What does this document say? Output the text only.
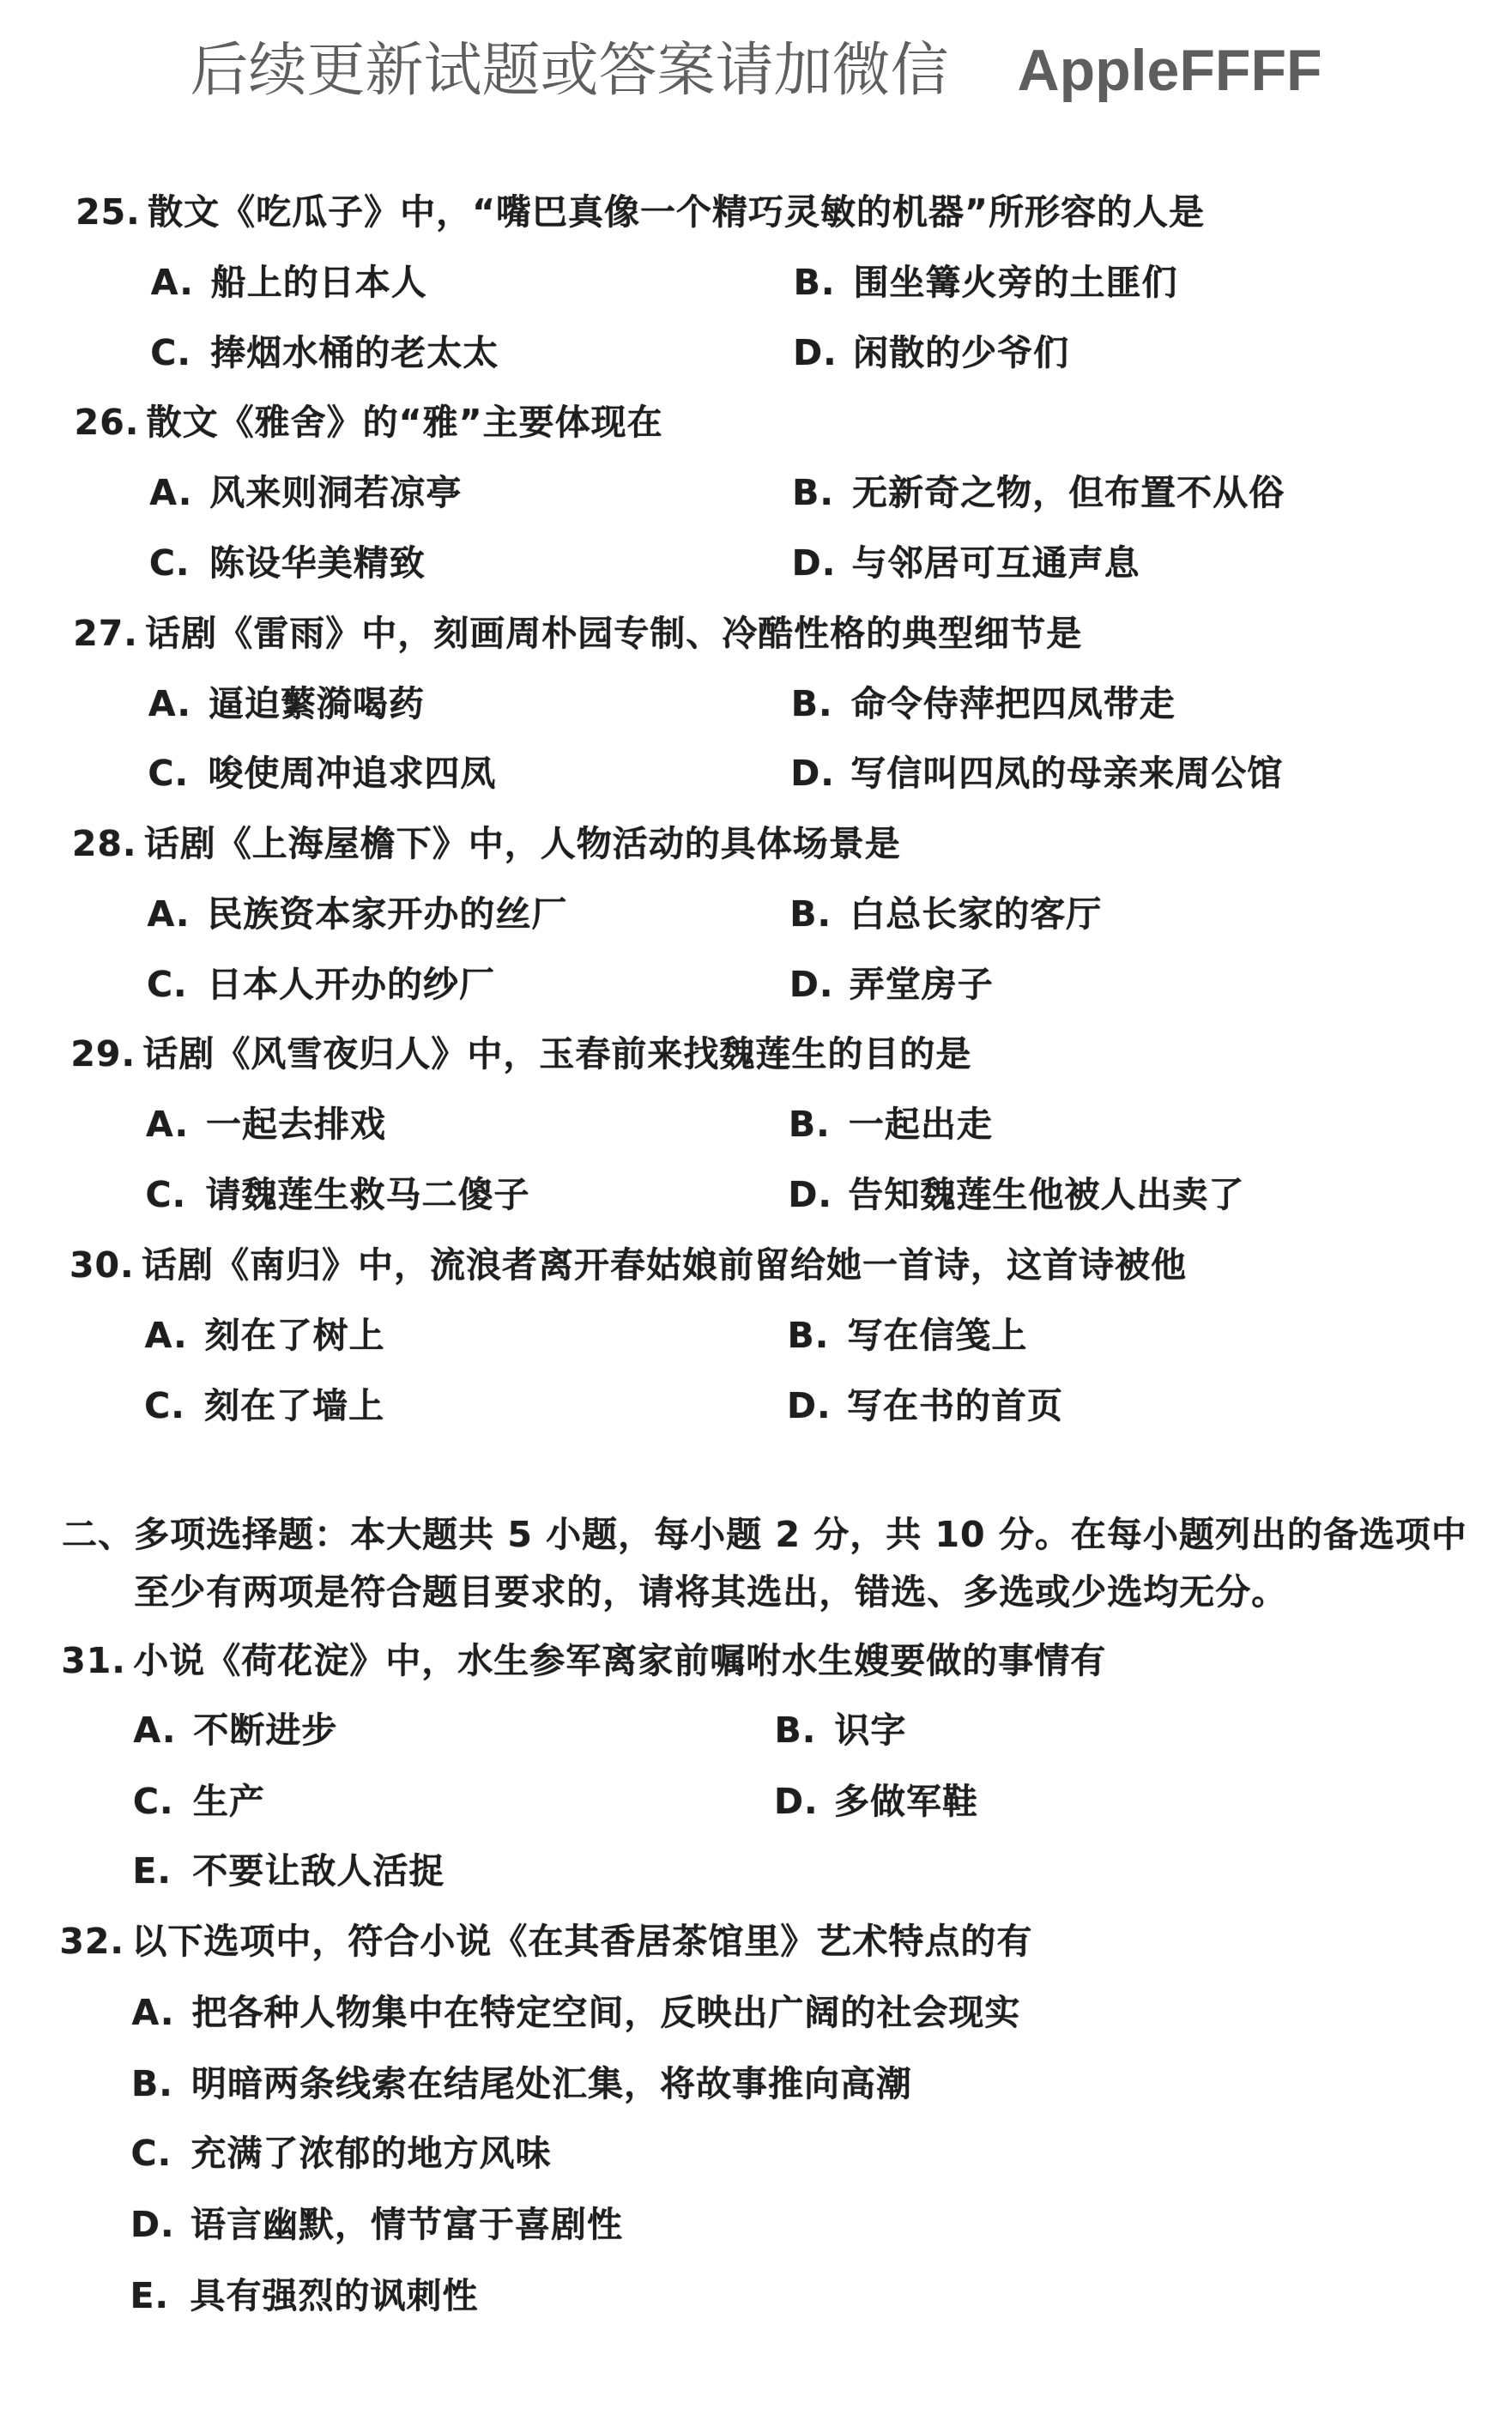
后续更新试题或答案请加微信 AppleFFFF
25. 散文《吃瓜子》中，“嘴巴真像一个精巧灵敏的机器”所形容的人是
A. 船上的日本人	B. 围坐篝火旁的土匪们
C. 捧烟水桶的老太太	D. 闲散的少爷们
26. 散文《雅舍》的“雅”主要体现在
A. 风来则洞若凉亭	B. 无新奇之物，但布置不从俗
C. 陈设华美精致	D. 与邻居可互通声息
27. 话剧《雷雨》中，刻画周朴园专制、冷酷性格的典型细节是
A. 逼迫蘩漪喝药	B. 命令侍萍把四凤带走
C. 唆使周冲追求四凤	D. 写信叫四凤的母亲来周公馆
28. 话剧《上海屋檐下》中，人物活动的具体场景是
A. 民族资本家开办的丝厂	B. 白总长家的客厅
C. 日本人开办的纱厂	D. 弄堂房子
29. 话剧《风雪夜归人》中，玉春前来找魏莲生的目的是
A. 一起去排戏	B. 一起出走
C. 请魏莲生救马二傻子	D. 告知魏莲生他被人出卖了
30. 话剧《南归》中，流浪者离开春姑娘前留给她一首诗，这首诗被他
A. 刻在了树上	B. 写在信笺上
C. 刻在了墙上	D. 写在书的首页
二、多项选择题：本大题共 5 小题，每小题 2 分，共 10 分。在每小题列出的备选项中
至少有两项是符合题目要求的，请将其选出，错选、多选或少选均无分。
31. 小说《荷花淀》中，水生参军离家前嘱咐水生嫂要做的事情有
A. 不断进步	B. 识字
C. 生产	D. 多做军鞋
E. 不要让敌人活捉
32. 以下选项中，符合小说《在其香居茶馆里》艺术特点的有
A. 把各种人物集中在特定空间，反映出广阔的社会现实
B. 明暗两条线索在结尾处汇集，将故事推向高潮
C. 充满了浓郁的地方风味
D. 语言幽默，情节富于喜剧性
E. 具有强烈的讽刺性
